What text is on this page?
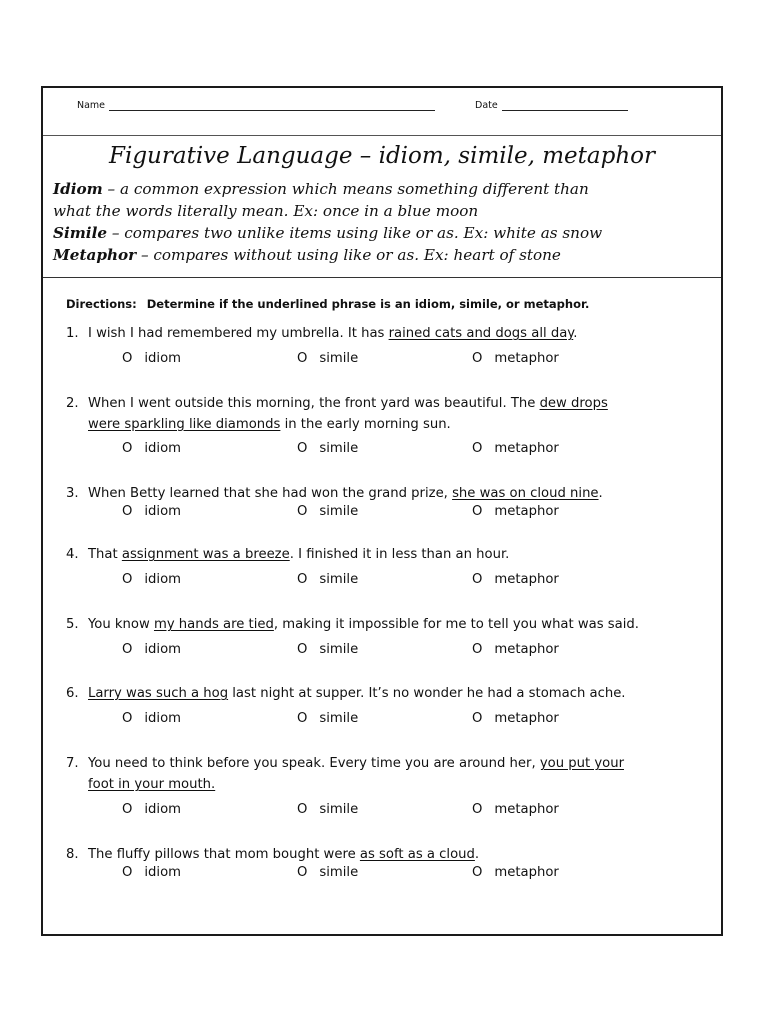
Name	Date
Figurative Language – idiom, simile, metaphor
Idiom – a common expression which means something different than
what the words literally mean. Ex: once in a blue moon
Simile – compares two unlike items using like or as. Ex: white as snow
Metaphor – compares without using like or as. Ex: heart of stone
Directions: Determine if the underlined phrase is an idiom, simile, or metaphor.
1. I wish I had remembered my umbrella. It has rained cats and dogs all day.
O idiom	O simile	O metaphor
2. When I went outside this morning, the front yard was beautiful. The dew drops
were sparkling like diamonds in the early morning sun.
O idiom	O simile	O metaphor
3. When Betty learned that she had won the grand prize, she was on cloud nine.
O idiom	O simile	O metaphor
4. That assignment was a breeze. I finished it in less than an hour.
O idiom	O simile	O metaphor
5. You know my hands are tied, making it impossible for me to tell you what was said.
O idiom	O simile	O metaphor
6. Larry was such a hog last night at supper. It’s no wonder he had a stomach ache.
O idiom	O simile	O metaphor
7. You need to think before you speak. Every time you are around her, you put your
foot in your mouth.
O idiom	O simile	O metaphor
8. The fluffy pillows that mom bought were as soft as a cloud.
O idiom	O simile	O metaphor
